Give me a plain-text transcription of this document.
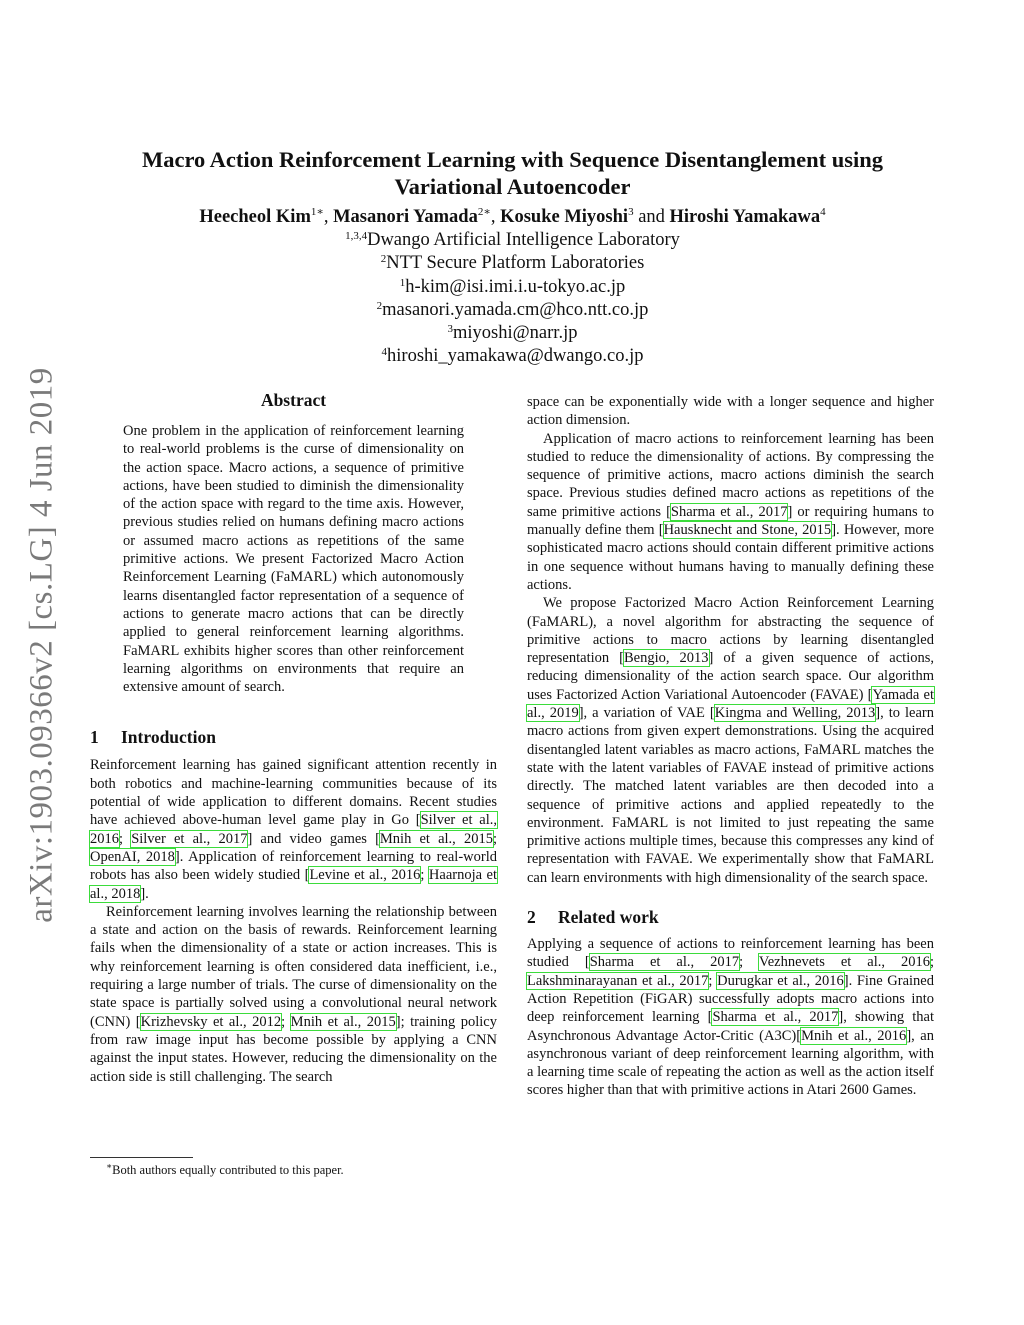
arXiv:1903.09366v2 [cs.LG] 4 Jun 2019
Macro Action Reinforcement Learning with Sequence Disentanglement using Variational Autoencoder
Heecheol Kim$^{1∗}$, Masanori Yamada$^{2∗}$, Kosuke Miyoshi$^3$ and Hiroshi Yamakawa$^4$
$^{1,3,4}$Dwango Artificial Intelligence Laboratory
$^2$NTT Secure Platform Laboratories
$^1$h-kim@isi.imi.i.u-tokyo.ac.jp
$^2$masanori.yamada.cm@hco.ntt.co.jp
$^3$miyoshi@narr.jp
$^4$hiroshi_yamakawa@dwango.co.jp
Abstract

One problem in the application of reinforcement learning to real-world problems is the curse of dimensionality on the action space. Macro actions, a sequence of primitive actions, have been studied to diminish the dimensionality of the action space with regard to the time axis. However, previous studies relied on humans defining macro actions or assumed macro actions as repetitions of the same primitive actions. We present Factorized Macro Action Reinforcement Learning (FaMARL) which autonomously learns disentangled factor representation of a sequence of actions to generate macro actions that can be directly applied to general reinforcement learning algorithms. FaMARL exhibits higher scores than other reinforcement learning algorithms on environments that require an extensive amount of search.

1 Introduction

Reinforcement learning has gained significant attention recently in both robotics and machine-learning communities because of its potential of wide application to different domains. Recent studies have achieved above-human level game play in Go [Silver et al., 2016; Silver et al., 2017] and video games [Mnih et al., 2015; OpenAI, 2018]. Application of reinforcement learning to real-world robots has also been widely studied [Levine et al., 2016; Haarnoja et al., 2018].

Reinforcement learning involves learning the relationship between a state and action on the basis of rewards. Reinforcement learning fails when the dimensionality of a state or action increases. This is why reinforcement learning is often considered data inefficient, i.e., requiring a large number of trials. The curse of dimensionality on the state space is partially solved using a convolutional neural network (CNN) [Krizhevsky et al., 2012; Mnih et al., 2015]; training policy from raw image input has become possible by applying a CNN against the input states. However, reducing the dimensionality on the action side is still challenging. The search

space can be exponentially wide with a longer sequence and higher action dimension.

Application of macro actions to reinforcement learning has been studied to reduce the dimensionality of actions. By compressing the sequence of primitive actions, macro actions diminish the search space. Previous studies defined macro actions as repetitions of the same primitive actions [Sharma et al., 2017] or requiring humans to manually define them [Hausknecht and Stone, 2015]. However, more sophisticated macro actions should contain different primitive actions in one sequence without humans having to manually defining these actions.

We propose Factorized Macro Action Reinforcement Learning (FaMARL), a novel algorithm for abstracting the sequence of primitive actions to macro actions by learning disentangled representation [Bengio, 2013] of a given sequence of actions, reducing dimensionality of the action search space. Our algorithm uses Factorized Action Variational Autoencoder (FAVAE) [Yamada et al., 2019], a variation of VAE [Kingma and Welling, 2013], to learn macro actions from given expert demonstrations. Using the acquired disentangled latent variables as macro actions, FaMARL matches the state with the latent variables of FAVAE instead of primitive actions directly. The matched latent variables are then decoded into a sequence of primitive actions and applied repeatedly to the environment. FaMARL is not limited to just repeating the same primitive actions multiple times, because this compresses any kind of representation with FAVAE. We experimentally show that FaMARL can learn environments with high dimensionality of the search space.

2 Related work

Applying a sequence of actions to reinforcement learning has been studied [Sharma et al., 2017; Vezhnevets et al., 2016; Lakshminarayanan et al., 2017; Durugkar et al., 2016]. Fine Grained Action Repetition (FiGAR) successfully adopts macro actions into deep reinforcement learning [Sharma et al., 2017], showing that Asynchronous Advantage Actor-Critic (A3C)[Mnih et al., 2016], an asynchronous variant of deep reinforcement learning algorithm, with a learning time scale of repeating the action as well as the action itself scores higher than that with primitive actions in Atari 2600 Games.

∗Both authors equally contributed to this paper.
